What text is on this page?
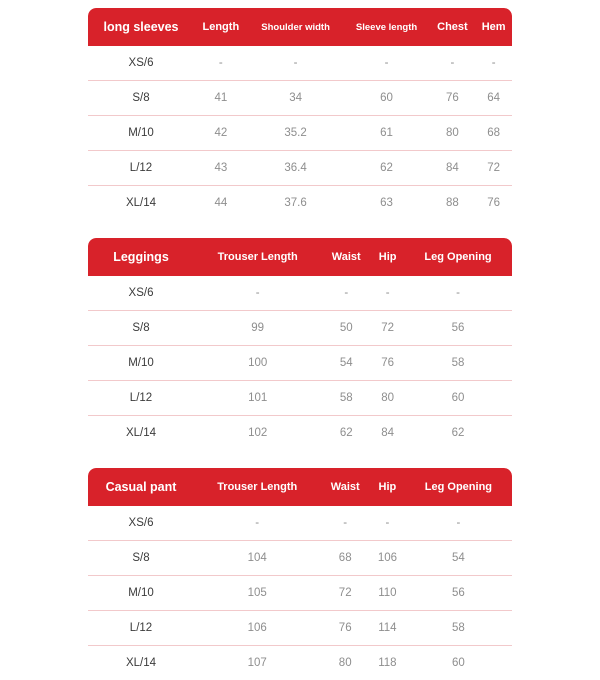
long sleeves	Length	Shoulder width	Sleeve length	Chest	Hem
XS/6	-	-	-	-	-
S/8	41	34	60	76	64
M/10	42	35.2	61	80	68
L/12	43	36.4	62	84	72
XL/14	44	37.6	63	88	76
Leggings	Trouser Length	Waist	Hip	Leg Opening
XS/6	-	-	-	-
S/8	99	50	72	56
M/10	100	54	76	58
L/12	101	58	80	60
XL/14	102	62	84	62
Casual pant	Trouser Length	Waist	Hip	Leg Opening
XS/6	-	-	-	-
S/8	104	68	106	54
M/10	105	72	110	56
L/12	106	76	114	58
XL/14	107	80	118	60
